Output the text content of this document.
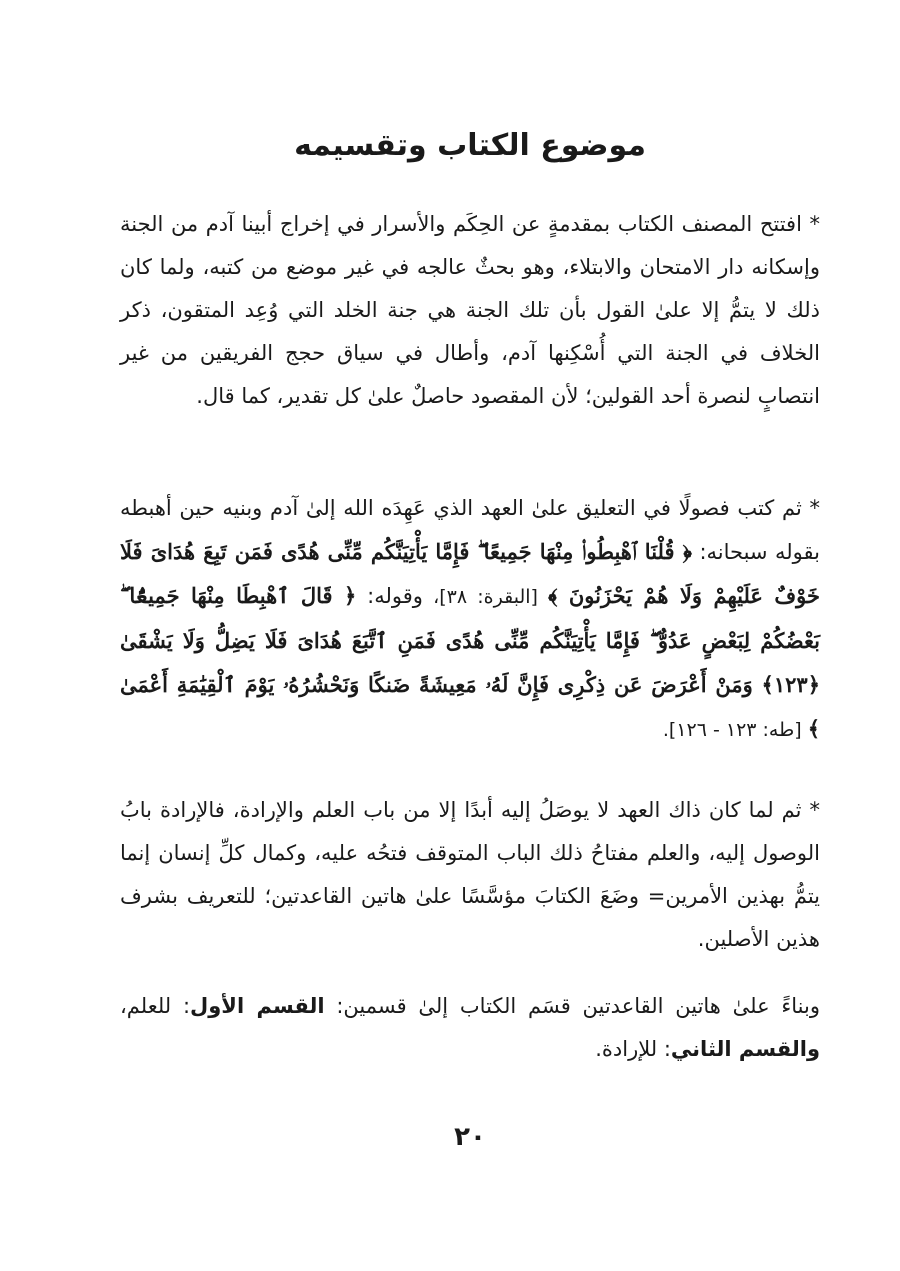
موضوع الكتاب وتقسيمه

* افتتح المصنف الكتاب بمقدمةٍ عن الحِكَم والأسرار في إخراج أبينا آدم من الجنة وإسكانه دار الامتحان والابتلاء، وهو بحثٌ عالجه في غير موضع من كتبه، ولما كان ذلك لا يتمُّ إلا علىٰ القول بأن تلك الجنة هي جنة الخلد التي وُعِد المتقون، ذكر الخلاف في الجنة التي أُسْكِنها آدم، وأطال في سياق حجج الفريقين من غير انتصابٍ لنصرة أحد القولين؛ لأن المقصود حاصلٌ علىٰ كل تقدير، كما قال.

* ثم كتب فصولًا في التعليق علىٰ العهد الذي عَهِدَه الله إلىٰ آدم وبنيه حين أهبطه بقوله سبحانه: ﴿ قُلْنَا ٱهْبِطُوا۟ مِنْهَا جَمِيعًا ۖ فَإِمَّا يَأْتِيَنَّكُم مِّنِّى هُدًى فَمَن تَبِعَ هُدَاىَ فَلَا خَوْفٌ عَلَيْهِمْ وَلَا هُمْ يَحْزَنُونَ ﴾ [البقرة: ٣٨]، وقوله: ﴿ قَالَ ٱهْبِطَا مِنْهَا جَمِيعًۢا ۖ بَعْضُكُمْ لِبَعْضٍ عَدُوٌّ ۖ فَإِمَّا يَأْتِيَنَّكُم مِّنِّى هُدًى فَمَنِ ٱتَّبَعَ هُدَاىَ فَلَا يَضِلُّ وَلَا يَشْقَىٰ ﴿١٢٣﴾ وَمَنْ أَعْرَضَ عَن ذِكْرِى فَإِنَّ لَهُۥ مَعِيشَةً ضَنكًا وَنَحْشُرُهُۥ يَوْمَ ٱلْقِيَٰمَةِ أَعْمَىٰ ﴾ [طه: ١٢٣ - ١٢٦].

* ثم لما كان ذاك العهد لا يوصَلُ إليه أبدًا إلا من باب العلم والإرادة، فالإرادة بابُ الوصول إليه، والعلم مفتاحُ ذلك الباب المتوقف فتحُه عليه، وكمال كلِّ إنسان إنما يتمُّ بهذين الأمرين= وضَعَ الكتابَ مؤسَّسًا علىٰ هاتين القاعدتين؛ للتعريف بشرف هذين الأصلين.

وبناءً علىٰ هاتين القاعدتين قسَم الكتاب إلىٰ قسمين: القسم الأول: للعلم، والقسم الثاني: للإرادة.

٢٠
